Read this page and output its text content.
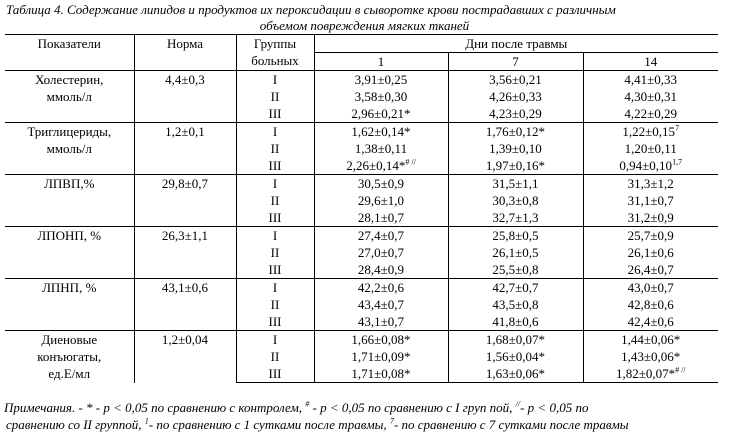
Таблица 4. Содержание липидов и продуктов их пероксидации в сыворотке крови пострадавших с различным
объемом повреждения мягких тканей
Показатели	Норма	Группы
больных	Дни после травмы		
			1	7	14

Холестерин,
ммоль/л	4,4±0,3	I	3,91±0,25	3,56±0,21	4,41±0,33
		II	3,58±0,30	4,26±0,33	4,30±0,31
		III	2,96±0,21*	4,23±0,29	4,22±0,29

Триглицериды,
ммоль/л	1,2±0,1	I	1,62±0,14*	1,76±0,12*	$1,22\pm 0,15^7$
		II	1,38±0,11	1,39±0,10	1,20±0,11
		III	2,26±0,14*# //	1,97±0,16*	$0,94\pm 0,10^{1,7}$

ЛПВП,%	29,8±0,7	I	30,5±0,9	31,5±1,1	31,3±1,2
		II	29,6±1,0	30,3±0,8	31,1±0,7
		III	28,1±0,7	32,7±1,3	31,2±0,9

ЛПОНП, %	26,3±1,1	I	27,4±0,7	25,8±0,5	25,7±0,9
		II	27,0±0,7	26,1±0,5	26,1±0,6
		III	28,4±0,9	25,5±0,8	26,4±0,7

ЛПНП, %	43,1±0,6	I	42,2±0,6	42,7±0,7	43,0±0,7
		II	43,4±0,7	43,5±0,8	42,8±0,6
		III	43,1±0,7	41,8±0,6	42,4±0,6

Диеновые
конъюгаты,
ед.Е/мл	1,2±0,04	I	1,66±0,08*	1,68±0,07*	1,44±0,06*
		II	1,71±0,09*	1,56±0,04*	1,43±0,06*
		III	1,71±0,08*	1,63±0,06*	1,82±0,07*# //
Примечания. - * - p < 0,05 по сравнению с контролем, # - p < 0,05 по сравнению с I груп пой, //- p < 0,05 по
сравнению со II группой, $^1$- по сравнению с 1 сутками после травмы, $^7$- по сравнению с 7 сутками после травмы
